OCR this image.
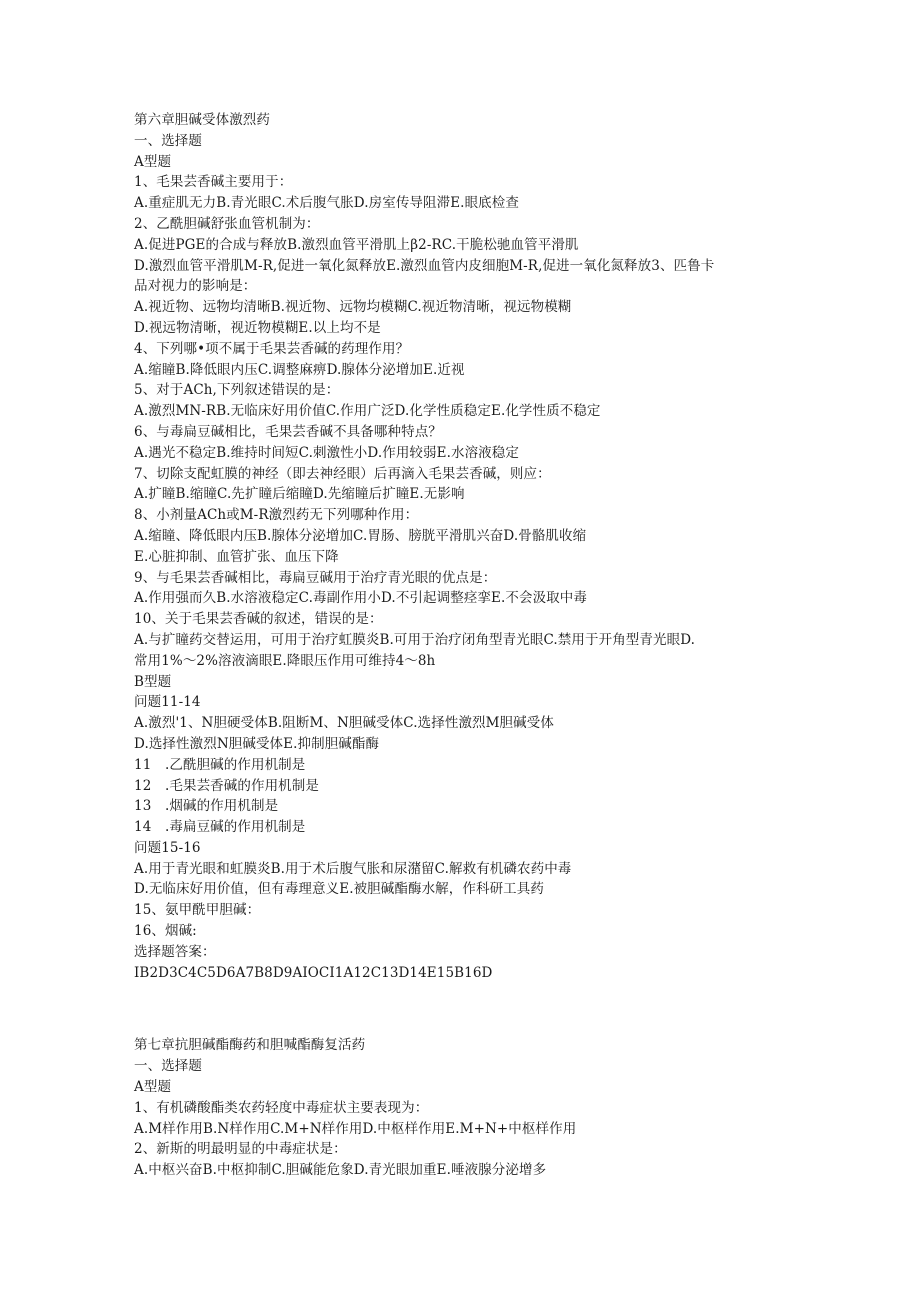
第六章胆碱受体激烈药
一、选择题
A型题
1、毛果芸香碱主要用于：
A.重症肌无力B.青光眼C.术后腹气胀D.房室传导阻滞E.眼底检查
2、乙酰胆碱舒张血管机制为：
A.促进PGE的合成与释放B.激烈血管平滑肌上β2-RC.干脆松驰血管平滑肌
D.激烈血管平滑肌M-R,促进一氧化氮释放E.激烈血管内皮细胞M-R,促进一氧化氮释放3、匹鲁卡
品对视力的影响是：
A.视近物、远物均清晰B.视近物、远物均模糊C.视近物清晰，视远物模糊
D.视远物清晰，视近物模糊E.以上均不是
4、下列哪•项不属于毛果芸香碱的药理作用？
A.缩瞳B.降低眼内压C.调整麻痹D.腺体分泌增加E.近视
5、对于ACh,下列叙述错误的是：
A.激烈MN-RB.无临床好用价值C.作用广泛D.化学性质稳定E.化学性质不稳定
6、与毒扁豆碱相比，毛果芸香碱不具备哪种特点？
A.遇光不稳定B.维持时间短C.刺激性小D.作用较弱E.水溶液稳定
7、切除支配虹膜的神经（即去神经眼）后再滴入毛果芸香碱，则应：
A.扩瞳B.缩瞳C.先扩瞳后缩瞳D.先缩瞳后扩瞳E.无影响
8、小剂量ACh或M-R激烈药无下列哪种作用：
A.缩瞳、降低眼内压B.腺体分泌增加C.胃肠、膀胱平滑肌兴奋D.骨骼肌收缩
E.心脏抑制、血管扩张、血压下降
9、与毛果芸香碱相比，毒扁豆碱用于治疗青光眼的优点是：
A.作用强而久B.水溶液稳定C.毒副作用小D.不引起调整痉挛E.不会汲取中毒
10、关于毛果芸香碱的叙述，错误的是：
A.与扩瞳药交替运用，可用于治疗虹膜炎B.可用于治疗闭角型青光眼C.禁用于开角型青光眼D.
常用1%～2%溶液滴眼E.降眼压作用可维持4～8h
B型题
问题11-14
A.激烈'1、N胆硬受体B.阻断M、N胆碱受体C.选择性激烈M胆碱受体
D.选择性激烈N胆碱受体E.抑制胆碱酯酶
11　.乙酰胆碱的作用机制是
12　.毛果芸香碱的作用机制是
13　.烟碱的作用机制是
14　.毒扁豆碱的作用机制是
问题15-16
A.用于青光眼和虹膜炎B.用于术后腹气胀和尿潴留C.解救有机磷农药中毒
D.无临床好用价值，但有毒理意义E.被胆碱酯酶水解，作科研工具药
15、氨甲酰甲胆碱：
16、烟碱:
选择题答案：
IB2D3C4C5D6A7B8D9AIOCI1A12C13D14E15B16D
第七章抗胆碱酯酶药和胆喊酯酶复活药
一、选择题
A型题
1、有机磷酸酯类农药轻度中毒症状主要表现为：
A.M样作用B.N样作用C.M+N样作用D.中枢样作用E.M+N+中枢样作用
2、新斯的明最明显的中毒症状是：
A.中枢兴奋B.中枢抑制C.胆碱能危象D.青光眼加重E.唾液腺分泌增多
